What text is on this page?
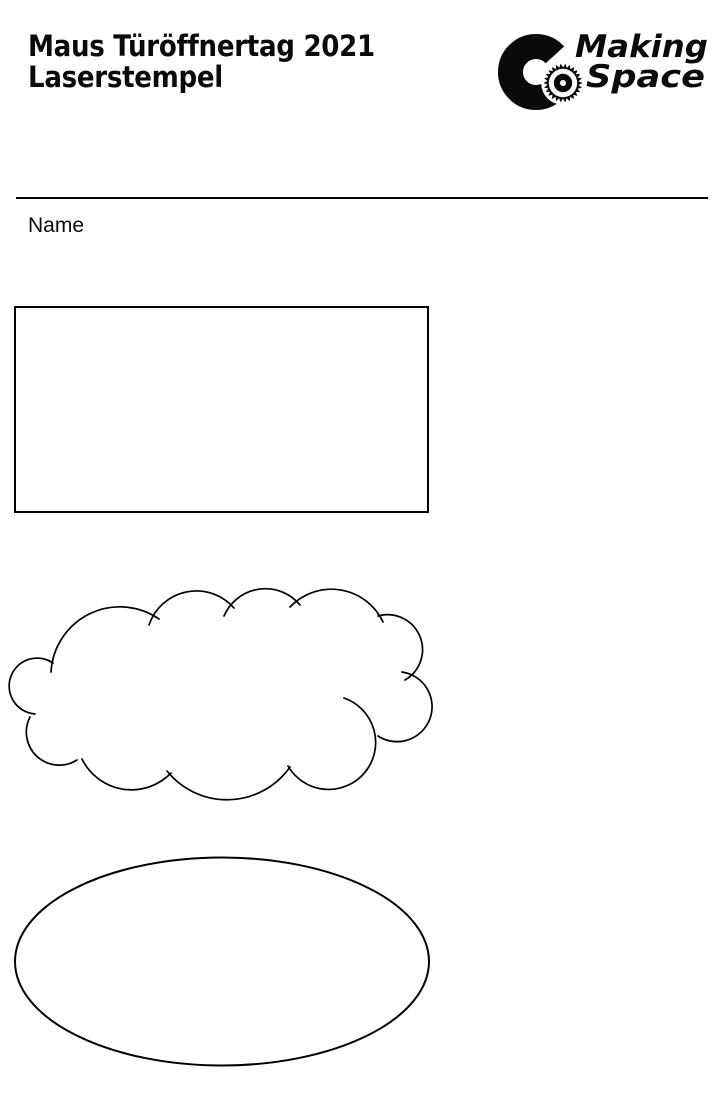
Maus Türöffnertag 2021
Laserstempel
Making
Space
Name
